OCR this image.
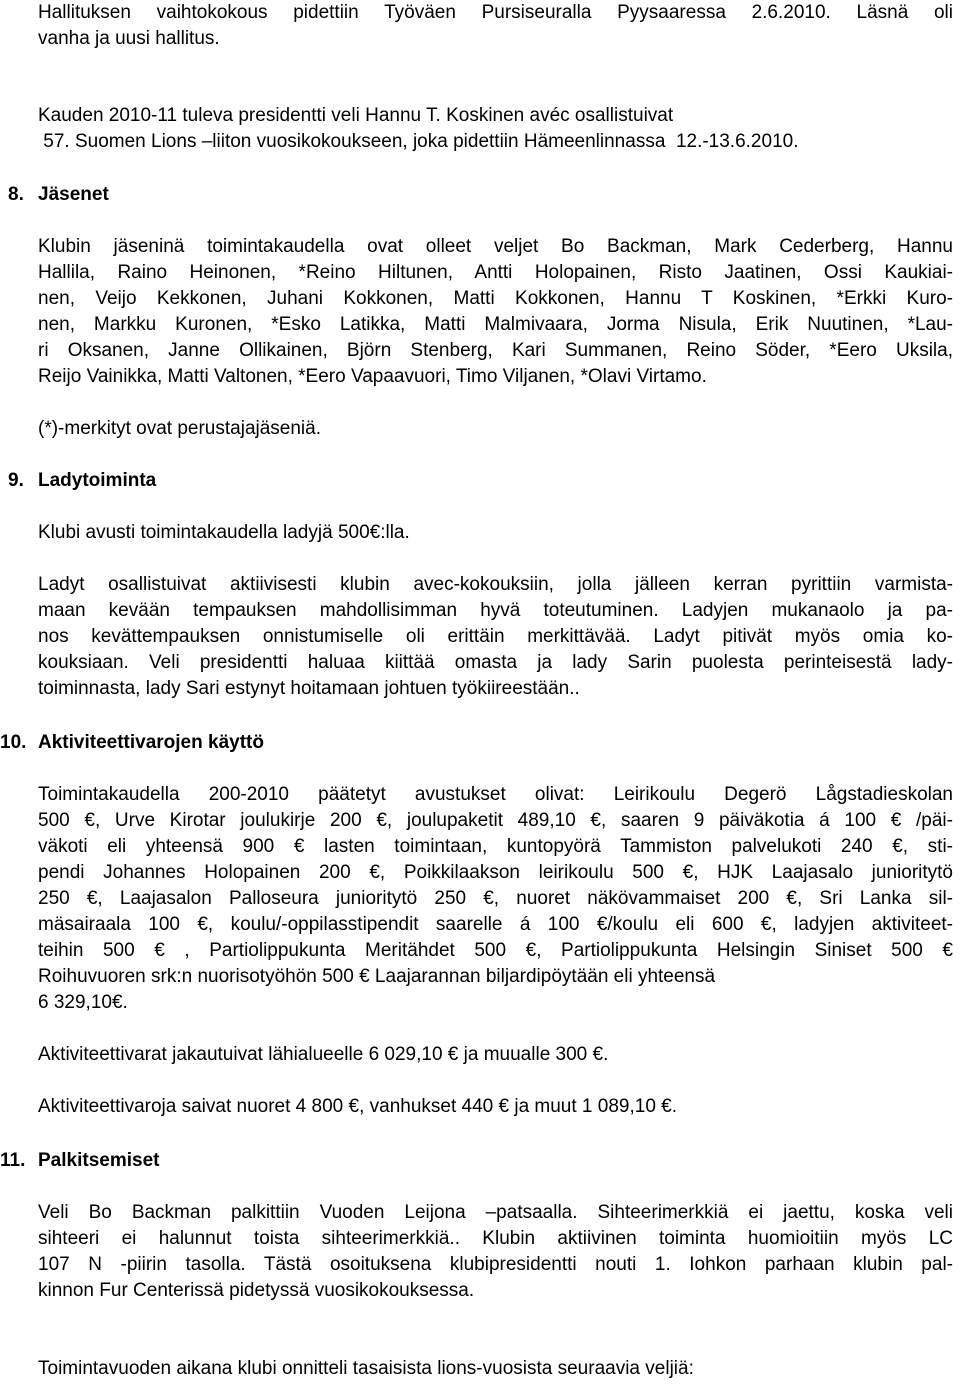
Hallituksen vaihtokokous pidettiin Työväen Pursiseuralla Pyysaaressa 2.6.2010. Läsnä oli
vanha ja uusi hallitus.
Kauden 2010-11 tuleva presidentti veli Hannu T. Koskinen avéc osallistuivat
57. Suomen Lions –liiton vuosikokoukseen, joka pidettiin Hämeenlinnassa  12.-13.6.2010.
8. Jäsenet
Klubin jäseninä toimintakaudella ovat olleet veljet Bo Backman, Mark Cederberg, Hannu
Hallila, Raino Heinonen, *Reino Hiltunen, Antti Holopainen, Risto Jaatinen, Ossi Kaukiai-
nen, Veijo Kekkonen, Juhani Kokkonen, Matti Kokkonen, Hannu T Koskinen, *Erkki Kuro-
nen, Markku Kuronen, *Esko Latikka, Matti Malmivaara, Jorma Nisula, Erik Nuutinen, *Lau-
ri Oksanen, Janne Ollikainen, Björn Stenberg, Kari Summanen, Reino Söder, *Eero Uksila,
Reijo Vainikka, Matti Valtonen, *Eero Vapaavuori, Timo Viljanen, *Olavi Virtamo.
(*)-merkityt ovat perustajajäseniä.
9. Ladytoiminta
Klubi avusti toimintakaudella ladyjä 500€:lla.
Ladyt osallistuivat aktiivisesti klubin avec-kokouksiin, jolla jälleen kerran pyrittiin varmista-
maan kevään tempauksen mahdollisimman hyvä toteutuminen. Ladyjen mukanaolo ja pa-
nos kevättempauksen onnistumiselle oli erittäin merkittävää. Ladyt pitivät myös omia ko-
kouksiaan. Veli presidentti haluaa kiittää omasta ja lady Sarin puolesta perinteisestä lady-
toiminnasta, lady Sari estynyt hoitamaan johtuen työkiireestään..
10. Aktiviteettivarojen käyttö
Toimintakaudella 200-2010 päätetyt avustukset olivat: Leirikoulu Degerö Lågstadieskolan
500 €, Urve Kirotar joulukirje 200 €, joulupaketit 489,10 €, saaren 9 päiväkotia á 100 € /päi-
väkoti eli yhteensä 900 € lasten toimintaan, kuntopyörä Tammiston palvelukoti 240 €, sti-
pendi Johannes Holopainen 200 €, Poikkilaakson leirikoulu 500 €, HJK Laajasalo junioritytö
250 €, Laajasalon Palloseura junioritytö 250 €, nuoret näkövammaiset 200 €, Sri Lanka sil-
mäsairaala 100 €, koulu/-oppilasstipendit saarelle á 100 €/koulu eli 600 €, ladyjen aktiviteet-
teihin 500 € , Partiolippukunta Meritähdet 500 €, Partiolippukunta Helsingin Siniset 500 €
Roihuvuoren srk:n nuorisotyöhön 500 € Laajarannan biljardipöytään eli yhteensä
6 329,10€.
Aktiviteettivarat jakautuivat lähialueelle 6 029,10 € ja muualle 300 €.
Aktiviteettivaroja saivat nuoret 4 800 €, vanhukset 440 € ja muut 1 089,10 €.
11. Palkitsemiset
Veli Bo Backman palkittiin Vuoden Leijona –patsaalla. Sihteerimerkkiä ei jaettu, koska veli
sihteeri ei halunnut toista sihteerimerkkiä.. Klubin aktiivinen toiminta huomioitiin myös LC
107 N -piirin tasolla. Tästä osoituksena klubipresidentti nouti 1. Iohkon parhaan klubin pal-
kinnon Fur Centerissä pidetyssä vuosikokouksessa.
Toimintavuoden aikana klubi onnitteli tasaisista lions-vuosista seuraavia veljiä:
